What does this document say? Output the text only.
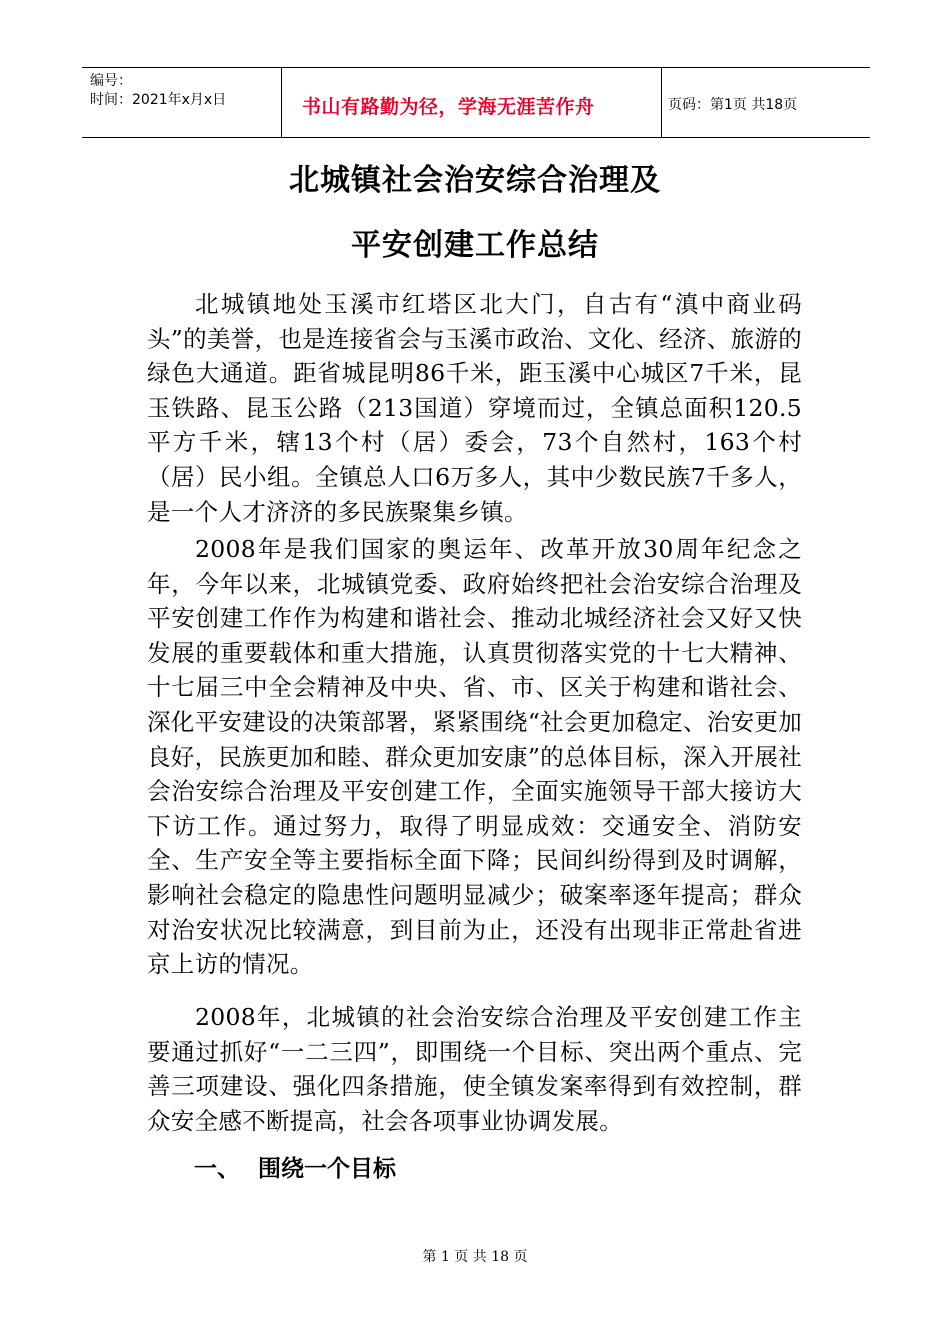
编号：
时间：2021年x月x日	书山有路勤为径，学海无涯苦作舟	页码：第1页 共18页
北城镇社会治安综合治理及
平安创建工作总结

北城镇地处玉溪市红塔区北大门，自古有“滇中商业码头”的美誉，也是连接省会与玉溪市政治、文化、经济、旅游的绿色大通道。距省城昆明86千米，距玉溪中心城区7千米，昆玉铁路、昆玉公路（213国道）穿境而过，全镇总面积120.5平方千米，辖13个村（居）委会，73个自然村，163个村（居）民小组。全镇总人口6万多人，其中少数民族7千多人，是一个人才济济的多民族聚集乡镇。

2008年是我们国家的奥运年、改革开放30周年纪念之年，今年以来，北城镇党委、政府始终把社会治安综合治理及平安创建工作作为构建和谐社会、推动北城经济社会又好又快发展的重要载体和重大措施，认真贯彻落实党的十七大精神、十七届三中全会精神及中央、省、市、区关于构建和谐社会、深化平安建设的决策部署，紧紧围绕“社会更加稳定、治安更加良好，民族更加和睦、群众更加安康”的总体目标，深入开展社会治安综合治理及平安创建工作，全面实施领导干部大接访大下访工作。通过努力，取得了明显成效：交通安全、消防安全、生产安全等主要指标全面下降；民间纠纷得到及时调解，影响社会稳定的隐患性问题明显减少；破案率逐年提高；群众对治安状况比较满意，到目前为止，还没有出现非正常赴省进京上访的情况。

2008年，北城镇的社会治安综合治理及平安创建工作主要通过抓好“一二三四”，即围绕一个目标、突出两个重点、完善三项建设、强化四条措施，使全镇发案率得到有效控制，群众安全感不断提高，社会各项事业协调发展。

一、 围绕一个目标
第 1 页 共 18 页
